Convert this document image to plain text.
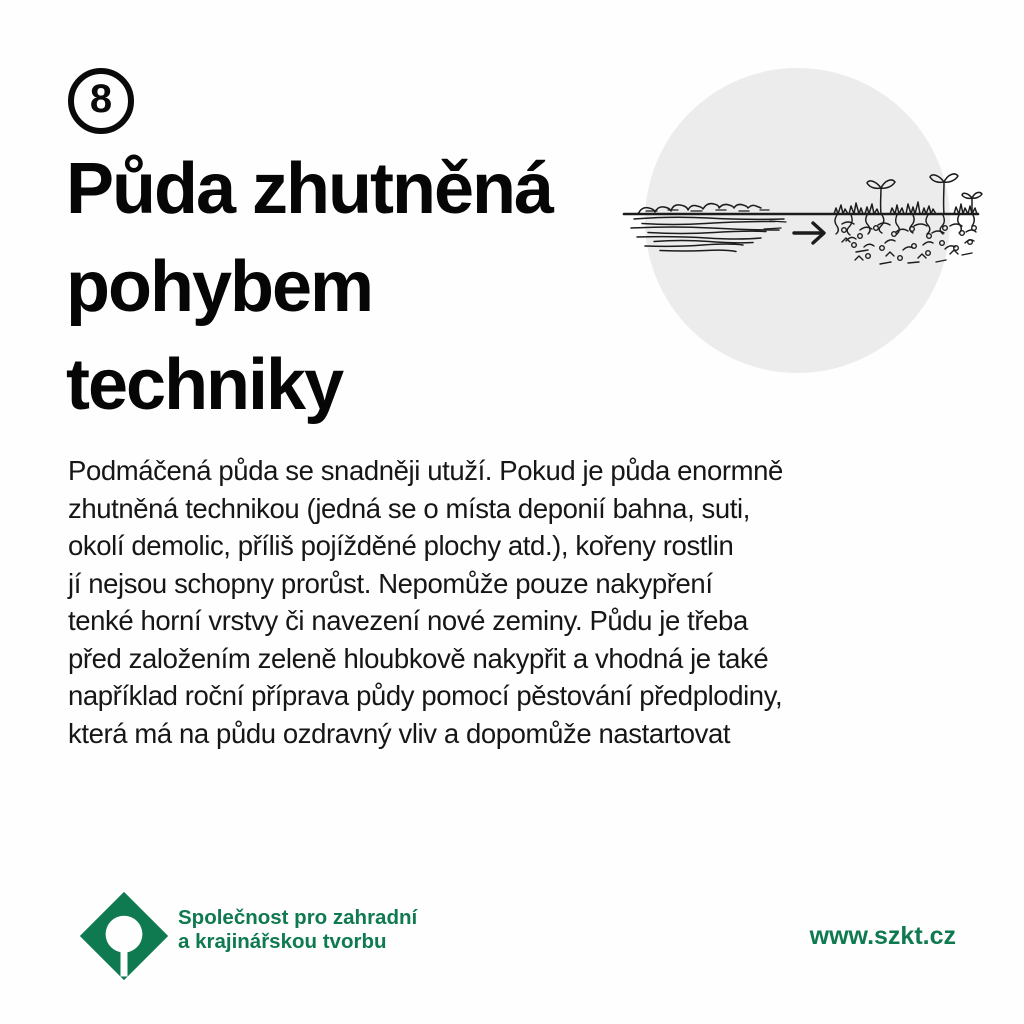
8
Půda zhutněná
pohybem
techniky
Podmáčená půda se snadněji utuží. Pokud je půda enormně
zhutněná technikou (jedná se o místa deponií bahna, suti,
okolí demolic, příliš pojížděné plochy atd.), kořeny rostlin
jí nejsou schopny prorůst. Nepomůže pouze nakypření
tenké horní vrstvy či navezení nové zeminy. Půdu je třeba
před založením zeleně hloubkově nakypřit a vhodná je také
například roční příprava půdy pomocí pěstování předplodiny,
která má na půdu ozdravný vliv a dopomůže nastartovat
Společnost pro zahradní
a krajinářskou tvorbu	www.szkt.cz
